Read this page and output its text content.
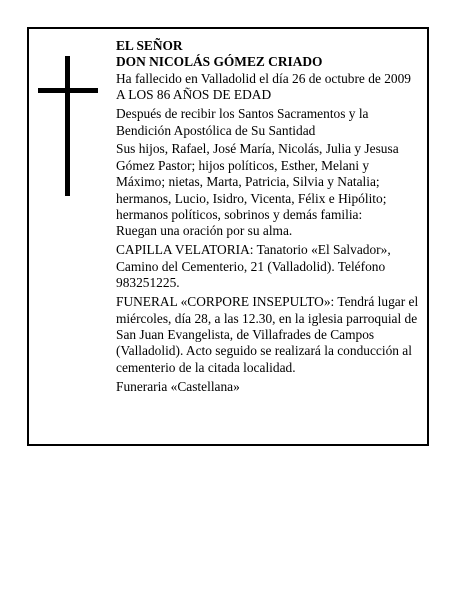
EL SEÑOR
DON NICOLÁS GÓMEZ CRIADO
Ha fallecido en Valladolid el día 26 de octubre de 2009
A LOS 86 AÑOS DE EDAD
Después de recibir los Santos Sacramentos y la
Bendición Apostólica de Su Santidad
Sus hijos, Rafael, José María, Nicolás, Julia y Jesusa
Gómez Pastor; hijos políticos, Esther, Melani y
Máximo; nietas, Marta, Patricia, Silvia y Natalia;
hermanos, Lucio, Isidro, Vicenta, Félix e Hipólito;
hermanos políticos, sobrinos y demás familia:
Ruegan una oración por su alma.
CAPILLA VELATORIA: Tanatorio «El Salvador»,
Camino del Cementerio, 21 (Valladolid). Teléfono
983251225.
FUNERAL «CORPORE INSEPULTO»: Tendrá lugar el
miércoles, día 28, a las 12.30, en la iglesia parroquial de
San Juan Evangelista, de Villafrades de Campos
(Valladolid). Acto seguido se realizará la conducción al
cementerio de la citada localidad.
Funeraria «Castellana»
